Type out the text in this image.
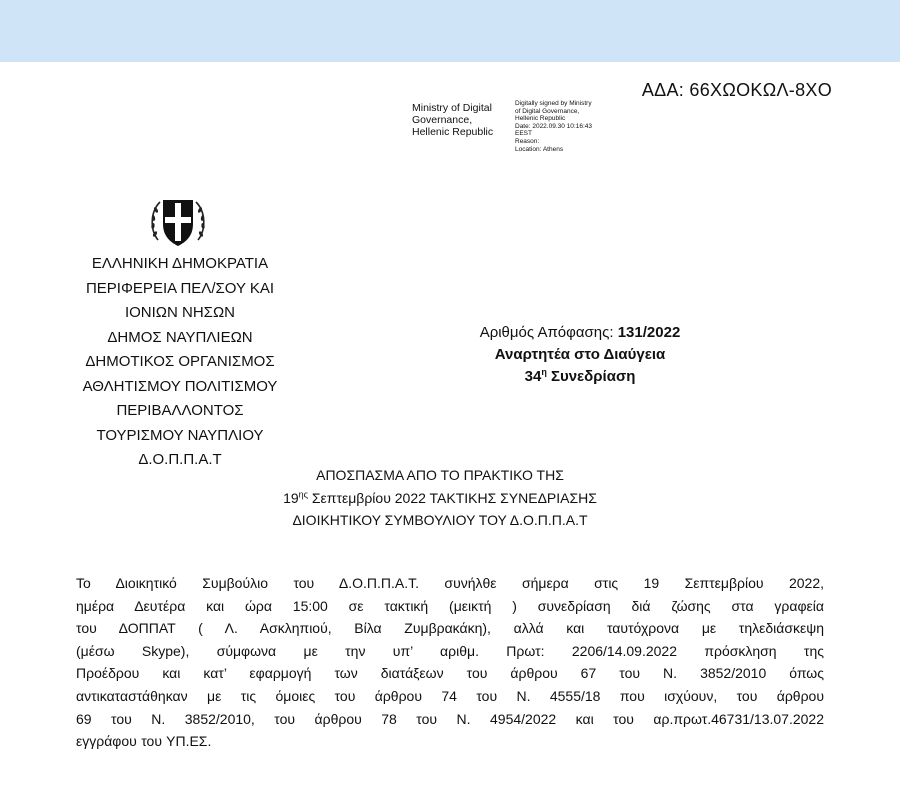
ΑΔΑ: 66ΧΩΟΚΩΛ-8ΧΟ
Ministry of Digital
Governance,
Hellenic Republic
Digitally signed by Ministry
of Digital Governance,
Hellenic Republic
Date: 2022.09.30 10:16:43
EEST
Reason:
Location: Athens
ΕΛΛΗΝΙΚΗ ΔΗΜΟΚΡΑΤΙΑ
ΠΕΡΙΦΕΡΕΙΑ ΠΕΛ/ΣΟΥ ΚΑΙ
ΙΟΝΙΩΝ ΝΗΣΩΝ
ΔΗΜΟΣ ΝΑΥΠΛΙΕΩΝ
ΔΗΜΟΤΙΚΟΣ ΟΡΓΑΝΙΣΜΟΣ
ΑΘΛΗΤΙΣΜΟΥ ΠΟΛΙΤΙΣΜΟΥ
ΠΕΡΙΒΑΛΛΟΝΤΟΣ
ΤΟΥΡΙΣΜΟΥ ΝΑΥΠΛΙΟΥ
Δ.Ο.Π.Π.Α.Τ
Αριθμός Απόφασης: 131/2022
Αναρτητέα στο Διαύγεια
$34^\eta$ Συνεδρίαση
ΑΠΟΣΠΑΣΜΑ ΑΠΟ ΤΟ ΠΡΑΚΤΙΚΟ ΤΗΣ
$19^{\eta\varsigma}$ Σεπτεμβρίου 2022 ΤΑΚΤΙΚΗΣ ΣΥΝΕΔΡΙΑΣΗΣ
ΔΙΟΙΚΗΤΙΚΟΥ ΣΥΜΒΟΥΛΙΟΥ ΤΟΥ Δ.Ο.Π.Π.Α.Τ
Το Διοικητικό Συμβούλιο του Δ.Ο.Π.Π.Α.Τ. συνήλθε σήμερα στις 19 Σεπτεμβρίου 2022,
ημέρα Δευτέρα και ώρα 15:00 σε τακτική (μεικτή ) συνεδρίαση διά ζώσης στα γραφεία
του ΔΟΠΠΑΤ ( Λ. Ασκληπιού, Βίλα Ζυμβρακάκη), αλλά και ταυτόχρονα με τηλεδιάσκεψη
(μέσω Skype), σύμφωνα με την υπ’ αριθμ. Πρωτ: 2206/14.09.2022 πρόσκληση της
Προέδρου και κατ’ εφαρμογή των διατάξεων του άρθρου 67 του Ν. 3852/2010 όπως
αντικαταστάθηκαν με τις όμοιες του άρθρου 74 του Ν. 4555/18 που ισχύουν, του άρθρου
69 του Ν. 3852/2010, του άρθρου 78 του Ν. 4954/2022 και του αρ.πρωτ.46731/13.07.2022
εγγράφου του ΥΠ.ΕΣ.
